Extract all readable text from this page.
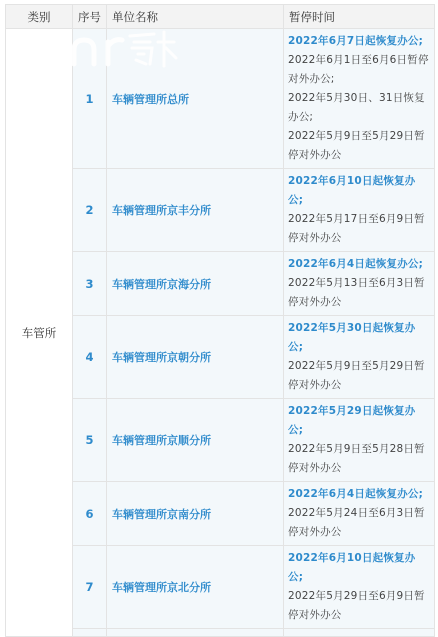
类别	序号	单位名称	暂停时间
车管所	1	车辆管理所总所	2022年6月7日起恢复办公;
2022年6月1日至6月6日暂停对外办公;
2022年5月30日、31日恢复办公;
2022年5月9日至5月29日暂停对外办公

	2	车辆管理所京丰分所	2022年6月10日起恢复办公;
2022年5月17日至6月9日暂停对外办公

	3	车辆管理所京海分所	2022年6月4日起恢复办公;
2022年5月13日至6月3日暂停对外办公

	4	车辆管理所京朝分所	2022年5月30日起恢复办公;
2022年5月9日至5月29日暂停对外办公

	5	车辆管理所京顺分所	2022年5月29日起恢复办公;
2022年5月9日至5月28日暂停对外办公

	6	车辆管理所京南分所	2022年6月4日起恢复办公;
2022年5月24日至6月3日暂停对外办公

	7	车辆管理所京北分所	2022年6月10日起恢复办公;
2022年5月29日至6月9日暂停对外办公
